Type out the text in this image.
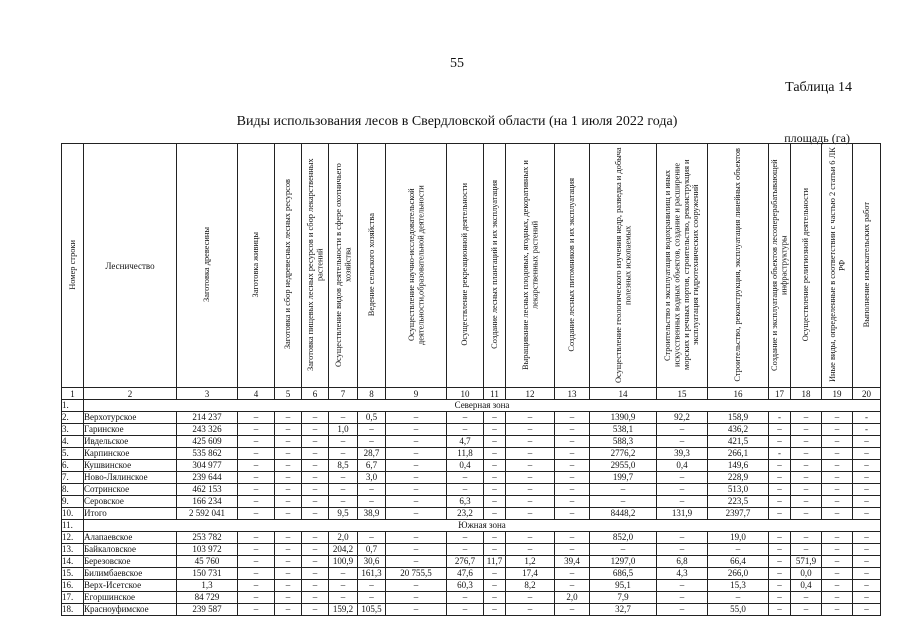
55
Таблица 14
Виды использования лесов в Свердловской области (на 1 июля 2022 года)
площадь (га)
Номер строки	Лесничество	Заготовка древесины	Заготовка живицы	Заготовка и сбор недревесных лесных ресурсов	Заготовка пищевых лесных ресурсов и сбор лекарственных растений	Осуществление видов деятельности в сфере охотничьего хозяйства	Ведение сельского хозяйства	Осуществление научно-исследовательской деятельности,образовательной деятельности	Осуществление рекреационной деятельности	Создание лесных плантаций и их эксплуатация	Выращивание лесных плодовых, ягодных, декоративных и лекарственных растений	Создание лесных питомников и их эксплуатация	Осуществление геологического изучения недр, разведка и добыча полезных ископаемых	Строительство и эксплуатация водохранилищ и иных искусственных водных объектов, создание и расширение морских и речных портов, строительство, реконструкция и эксплуатация гидротехнических сооружений	Строительство, реконструкция, эксплуатация линейных объектов	Создание и эксплуатация объектов лесоперерабатывающей инфраструктуры	Осуществление религиозной деятельности	Иные виды, определенные в соответствии с частью 2 статьи 6 ЛК РФ	Выполнение изыскательских работ
1	2	3	4	5	6	7	8	9	10	11	12	13	14	15	16	17	18	19	20
1.	Северная зона																		
2.	Верхотурское	214 237	–	–	–	–	0,5	–	–	–	–	–	1390,9	92,2	158,9	-	–	–	-
3.	Гаринское	243 326	–	–	–	1,0	–	–	–	–	–	–	538,1	–	436,2	–	–	–	-
4.	Ивдельское	425 609	–	–	–	–	–	–	4,7	–	–	–	588,3	–	421,5	–	–	–	–
5.	Карпинское	535 862	–	–	–	–	28,7	–	11,8	–	–	–	2776,2	39,3	266,1	-	–	–	–
6.	Кушвинское	304 977	–	–	–	8,5	6,7	–	0,4	–	–	–	2955,0	0,4	149,6	–	–	–	–
7.	Ново-Лялинское	239 644	–	–	–	–	3,0	–	–	–	–	–	199,7	–	228,9	–	–	–	–
8.	Сотринское	462 153	–	–	–	–	–	–	–	–	–	–	–	–	513,0	–	–	–	–
9.	Серовское	166 234	–	–	–	–	–	–	6,3	–	–	–	–	–	223,5	–	–	–	–
10.	Итого	2 592 041	–	–	–	9,5	38,9	–	23,2	–	–	–	8448,2	131,9	2397,7	–	–	–	–
11.	Южная зона																		
12.	Алапаевское	253 782	–	–	–	2,0	–	–	–	–	–	–	852,0	–	19,0	–	–	–	–
13.	Байкаловское	103 972	–	–	–	204,2	0,7	–	–	–	–	–	–	–	–	–	–	–	–
14.	Березовское	45 760	–	–	–	100,9	30,6	–	276,7	11,7	1,2	39,4	1297,0	6,8	66,4	–	571,9	–	–
15.	Билимбаевское	150 731	–	–	–	–	161,3	20 755,5	47,6	–	17,4	–	686,5	4,3	266,0	–	0,0	–	–
16.	Верх-Исетское	1,3	–	–	–	–	–	–	60,3	–	8,2	–	95,1	–	15,3	–	0,4	–	–
17.	Егоршинское	84 729	–	–	–	–	–	–	–	–	–	2,0	7,9	–	–	–	–	–	–
18.	Красноуфимское	239 587	–	–	–	159,2	105,5	–	–	–	–	–	32,7	–	55,0	–	–	–	–
